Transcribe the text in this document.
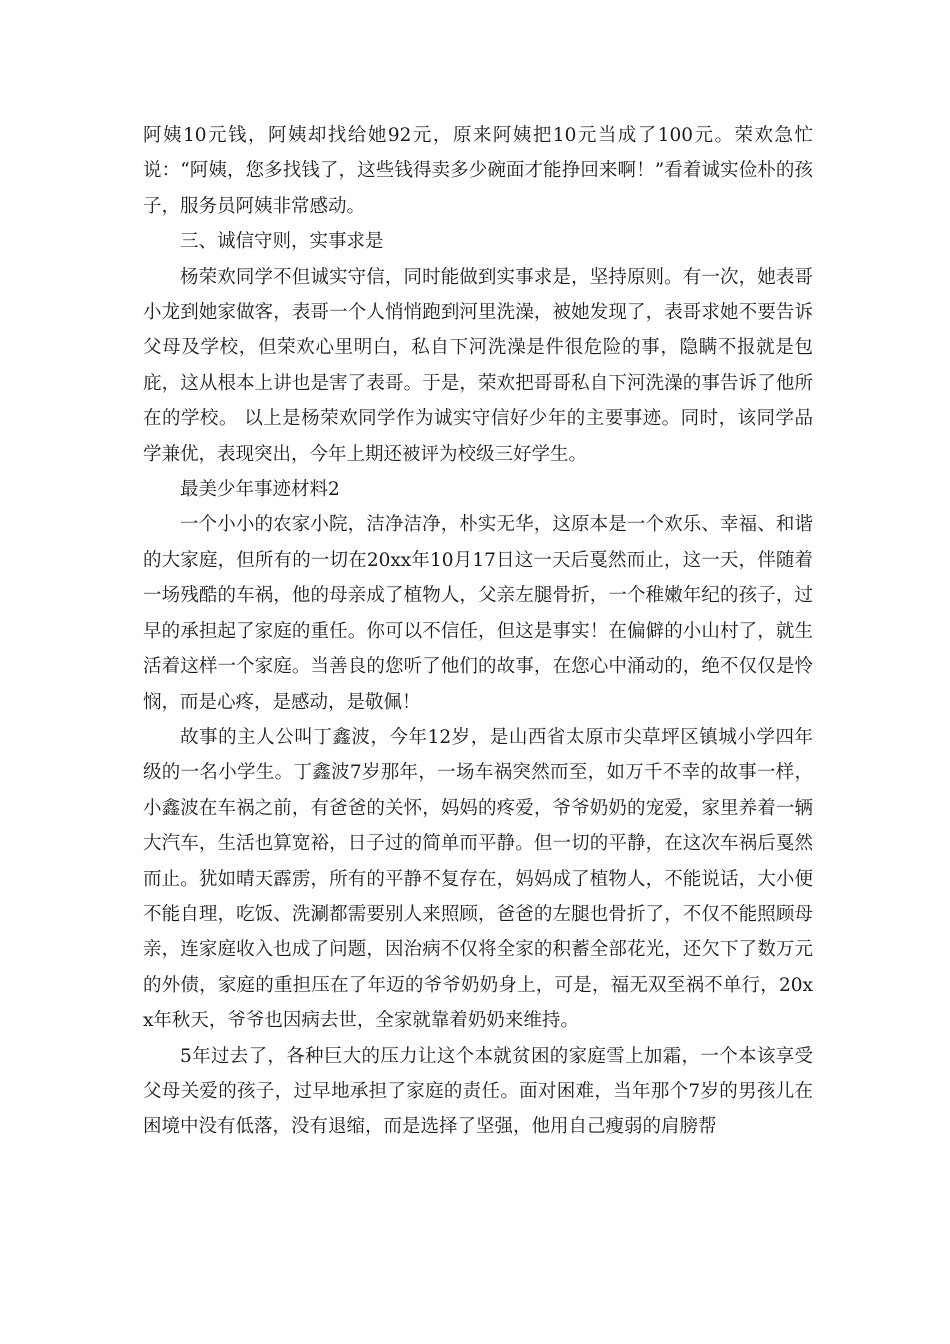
阿姨10元钱，阿姨却找给她92元，原来阿姨把10元当成了100元。荣欢急忙说：“阿姨，您多找钱了，这些钱得卖多少碗面才能挣回来啊！”看着诚实俭朴的孩子，服务员阿姨非常感动。

三、诚信守则，实事求是

杨荣欢同学不但诚实守信，同时能做到实事求是，坚持原则。有一次，她表哥小龙到她家做客，表哥一个人悄悄跑到河里洗澡，被她发现了，表哥求她不要告诉父母及学校，但荣欢心里明白，私自下河洗澡是件很危险的事，隐瞒不报就是包庇，这从根本上讲也是害了表哥。于是，荣欢把哥哥私自下河洗澡的事告诉了他所在的学校。 以上是杨荣欢同学作为诚实守信好少年的主要事迹。同时，该同学品学兼优，表现突出，今年上期还被评为校级三好学生。

最美少年事迹材料2

一个小小的农家小院，洁净洁净，朴实无华，这原本是一个欢乐、幸福、和谐的大家庭，但所有的一切在20xx年10月17日这一天后戛然而止，这一天，伴随着一场残酷的车祸，他的母亲成了植物人，父亲左腿骨折，一个稚嫩年纪的孩子，过早的承担起了家庭的重任。你可以不信任，但这是事实！在偏僻的小山村了，就生活着这样一个家庭。当善良的您听了他们的故事，在您心中涌动的，绝不仅仅是怜悯，而是心疼，是感动，是敬佩！

故事的主人公叫丁鑫波，今年12岁，是山西省太原市尖草坪区镇城小学四年级的一名小学生。丁鑫波7岁那年，一场车祸突然而至，如万千不幸的故事一样，小鑫波在车祸之前，有爸爸的关怀，妈妈的疼爱，爷爷奶奶的宠爱，家里养着一辆大汽车，生活也算宽裕，日子过的简单而平静。但一切的平静，在这次车祸后戛然而止。犹如晴天霹雳，所有的平静不复存在，妈妈成了植物人，不能说话，大小便不能自理，吃饭、洗涮都需要别人来照顾，爸爸的左腿也骨折了，不仅不能照顾母亲，连家庭收入也成了问题，因治病不仅将全家的积蓄全部花光，还欠下了数万元的外债，家庭的重担压在了年迈的爷爷奶奶身上，可是，福无双至祸不单行，20xx年秋天，爷爷也因病去世，全家就靠着奶奶来维持。

5年过去了，各种巨大的压力让这个本就贫困的家庭雪上加霜，一个本该享受父母关爱的孩子，过早地承担了家庭的责任。面对困难，当年那个7岁的男孩儿在困境中没有低落，没有退缩，而是选择了坚强，他用自己瘦弱的肩膀帮
